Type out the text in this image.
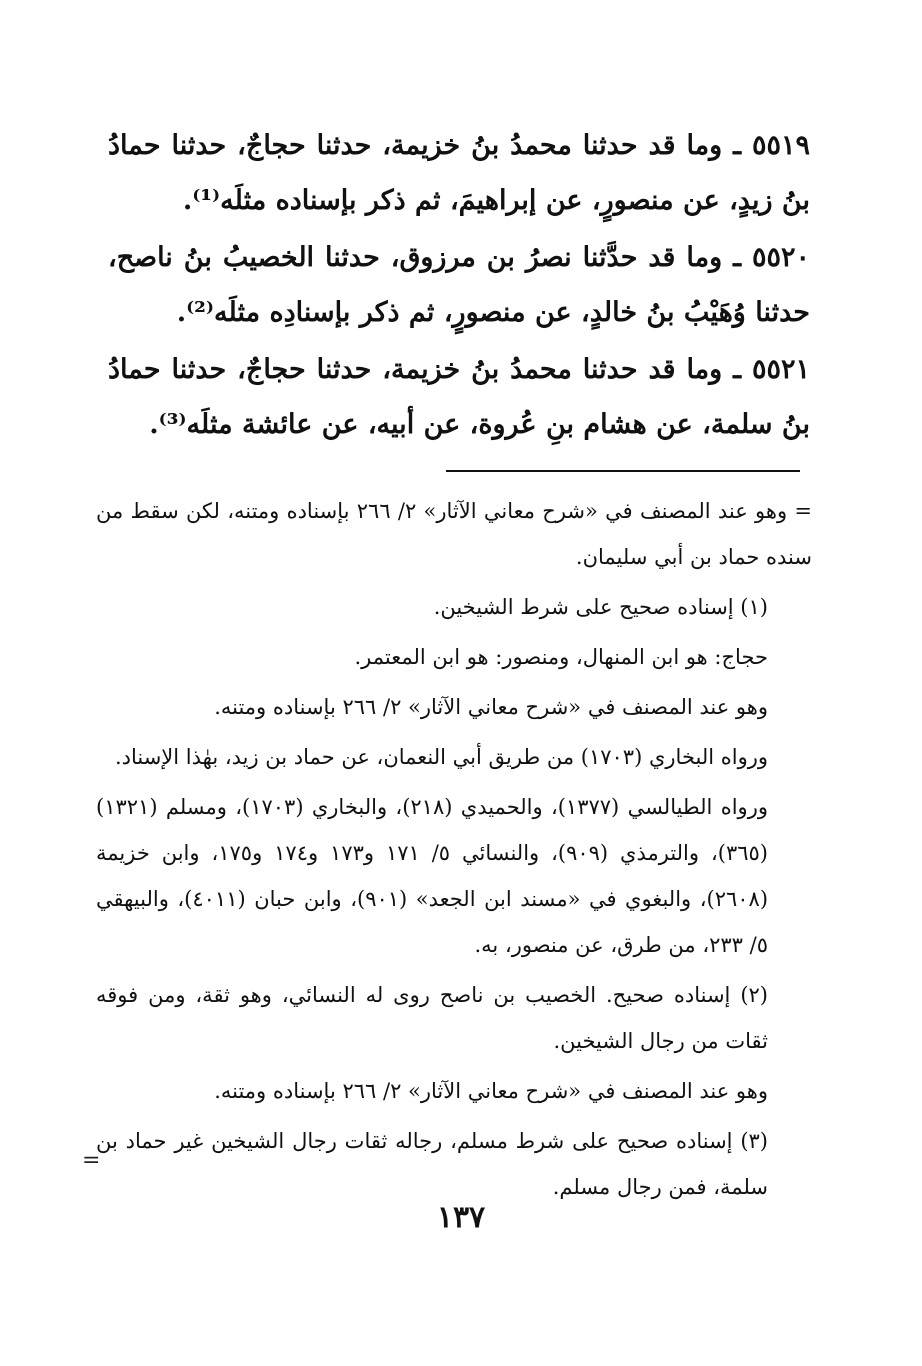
٥٥١٩ ـ وما قد حدثنا محمدُ بنُ خزيمة، حدثنا حجاجٌ، حدثنا حمادُ بنُ زيدٍ، عن منصورٍ، عن إبراهيمَ، ثم ذكر بإسناده مثلَه⁽¹⁾.

٥٥٢٠ ـ وما قد حدَّثنا نصرُ بن مرزوق، حدثنا الخصيبُ بنُ ناصح، حدثنا وُهَيْبُ بنُ خالدٍ، عن منصورٍ، ثم ذكر بإسنادِه مثلَه⁽²⁾.

٥٥٢١ ـ وما قد حدثنا محمدُ بنُ خزيمة، حدثنا حجاجٌ، حدثنا حمادُ بنُ سلمة، عن هشام بنِ عُروة، عن أبيه، عن عائشة مثلَه⁽³⁾.

= وهو عند المصنف في «شرح معاني الآثار» ٢/ ٢٦٦ بإسناده ومتنه، لكن سقط من سنده حماد بن أبي سليمان.

(١) إسناده صحيح على شرط الشيخين.

حجاج: هو ابن المنهال، ومنصور: هو ابن المعتمر.

وهو عند المصنف في «شرح معاني الآثار» ٢/ ٢٦٦ بإسناده ومتنه.

ورواه البخاري (١٧٠٣) من طريق أبي النعمان، عن حماد بن زيد، بهٰذا الإسناد.

ورواه الطيالسي (١٣٧٧)، والحميدي (٢١٨)، والبخاري (١٧٠٣)، ومسلم (١٣٢١) (٣٦٥)، والترمذي (٩٠٩)، والنسائي ٥/ ١٧١ و١٧٣ و١٧٤ و١٧٥، وابن خزيمة (٢٦٠٨)، والبغوي في «مسند ابن الجعد» (٩٠١)، وابن حبان (٤٠١١)، والبيهقي ٥/ ٢٣٣، من طرق، عن منصور، به.

(٢) إسناده صحيح. الخصيب بن ناصح روى له النسائي، وهو ثقة، ومن فوقه ثقات من رجال الشيخين.

وهو عند المصنف في «شرح معاني الآثار» ٢/ ٢٦٦ بإسناده ومتنه.

(٣) إسناده صحيح على شرط مسلم، رجاله ثقات رجال الشيخين غير حماد بن سلمة، فمن رجال مسلم.

=
١٣٧
